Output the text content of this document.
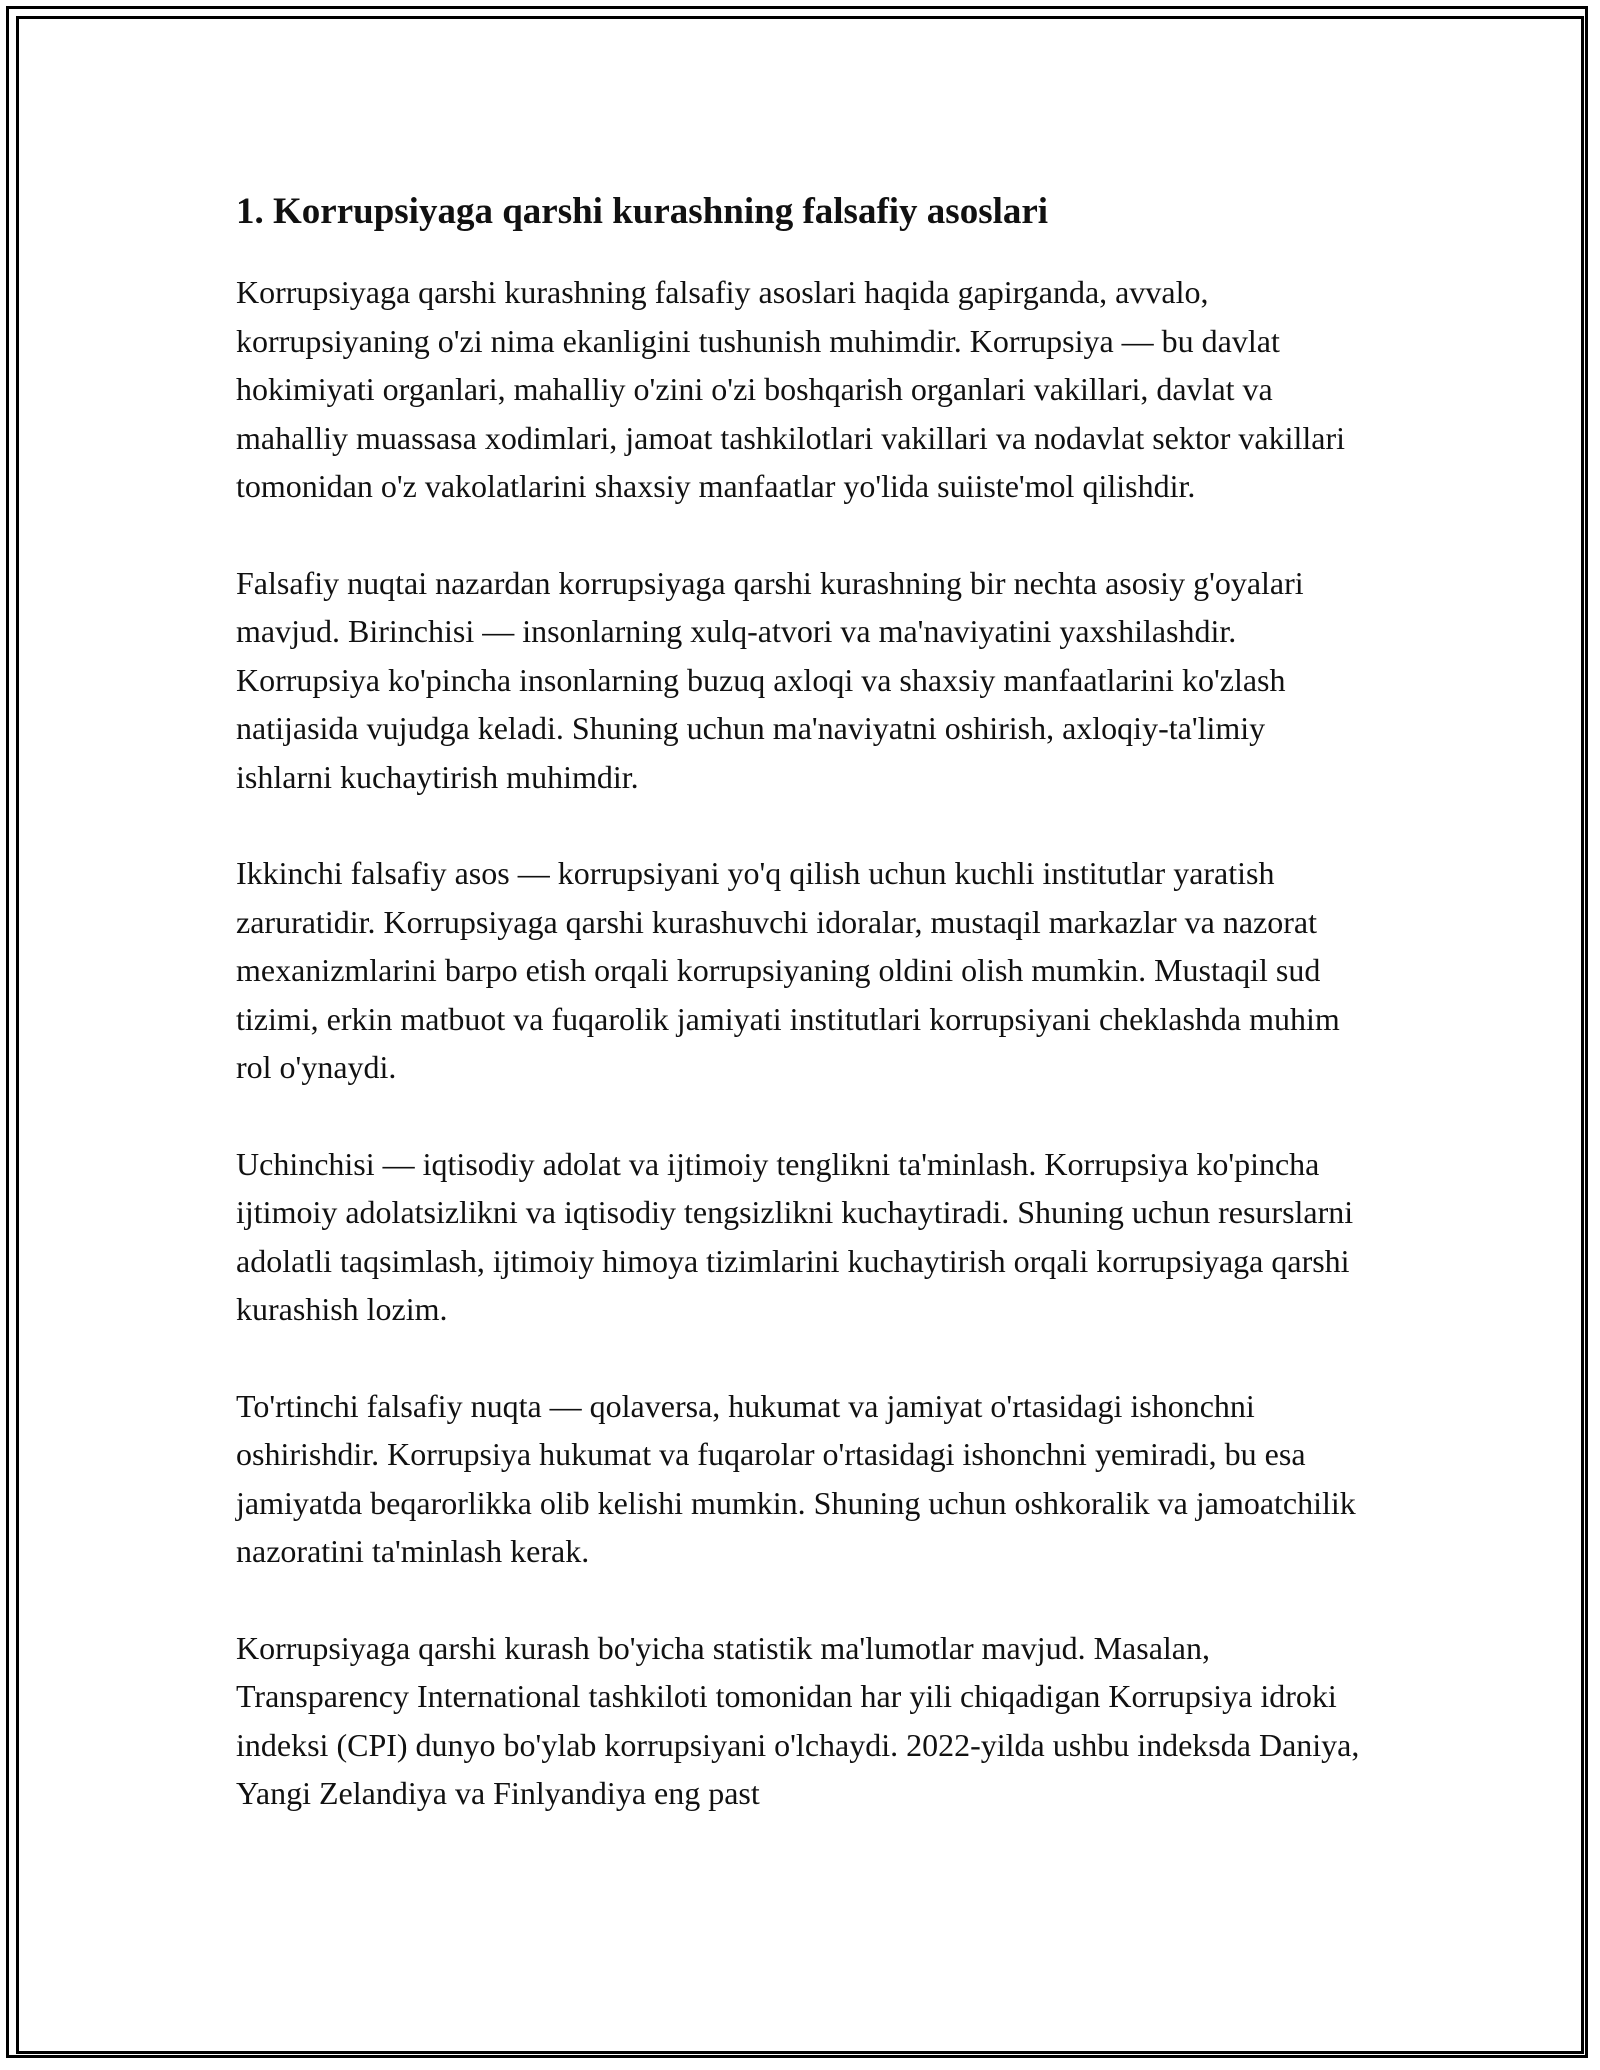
1. Korrupsiyaga qarshi kurashning falsafiy asoslari

Korrupsiyaga qarshi kurashning falsafiy asoslari haqida gapirganda, avvalo, korrupsiyaning o'zi nima ekanligini tushunish muhimdir. Korrupsiya — bu davlat hokimiyati organlari, mahalliy o'zini o'zi boshqarish organlari vakillari, davlat va mahalliy muassasa xodimlari, jamoat tashkilotlari vakillari va nodavlat sektor vakillari tomonidan o'z vakolatlarini shaxsiy manfaatlar yo'lida suiiste'mol qilishdir.

Falsafiy nuqtai nazardan korrupsiyaga qarshi kurashning bir nechta asosiy g'oyalari mavjud. Birinchisi — insonlarning xulq-atvori va ma'naviyatini yaxshilashdir. Korrupsiya ko'pincha insonlarning buzuq axloqi va shaxsiy manfaatlarini ko'zlash natijasida vujudga keladi. Shuning uchun ma'naviyatni oshirish, axloqiy-ta'limiy ishlarni kuchaytirish muhimdir.

Ikkinchi falsafiy asos — korrupsiyani yo'q qilish uchun kuchli institutlar yaratish zaruratidir. Korrupsiyaga qarshi kurashuvchi idoralar, mustaqil markazlar va nazorat mexanizmlarini barpo etish orqali korrupsiyaning oldini olish mumkin. Mustaqil sud tizimi, erkin matbuot va fuqarolik jamiyati institutlari korrupsiyani cheklashda muhim rol o'ynaydi.

Uchinchisi — iqtisodiy adolat va ijtimoiy tenglikni ta'minlash. Korrupsiya ko'pincha ijtimoiy adolatsizlikni va iqtisodiy tengsizlikni kuchaytiradi. Shuning uchun resurslarni adolatli taqsimlash, ijtimoiy himoya tizimlarini kuchaytirish orqali korrupsiyaga qarshi kurashish lozim.

To'rtinchi falsafiy nuqta — qolaversa, hukumat va jamiyat o'rtasidagi ishonchni oshirishdir. Korrupsiya hukumat va fuqarolar o'rtasidagi ishonchni yemiradi, bu esa jamiyatda beqarorlikka olib kelishi mumkin. Shuning uchun oshkoralik va jamoatchilik nazoratini ta'minlash kerak.

Korrupsiyaga qarshi kurash bo'yicha statistik ma'lumotlar mavjud. Masalan, Transparency International tashkiloti tomonidan har yili chiqadigan Korrupsiya idroki indeksi (CPI) dunyo bo'ylab korrupsiyani o'lchaydi. 2022-yilda ushbu indeksda Daniya, Yangi Zelandiya va Finlyandiya eng past
